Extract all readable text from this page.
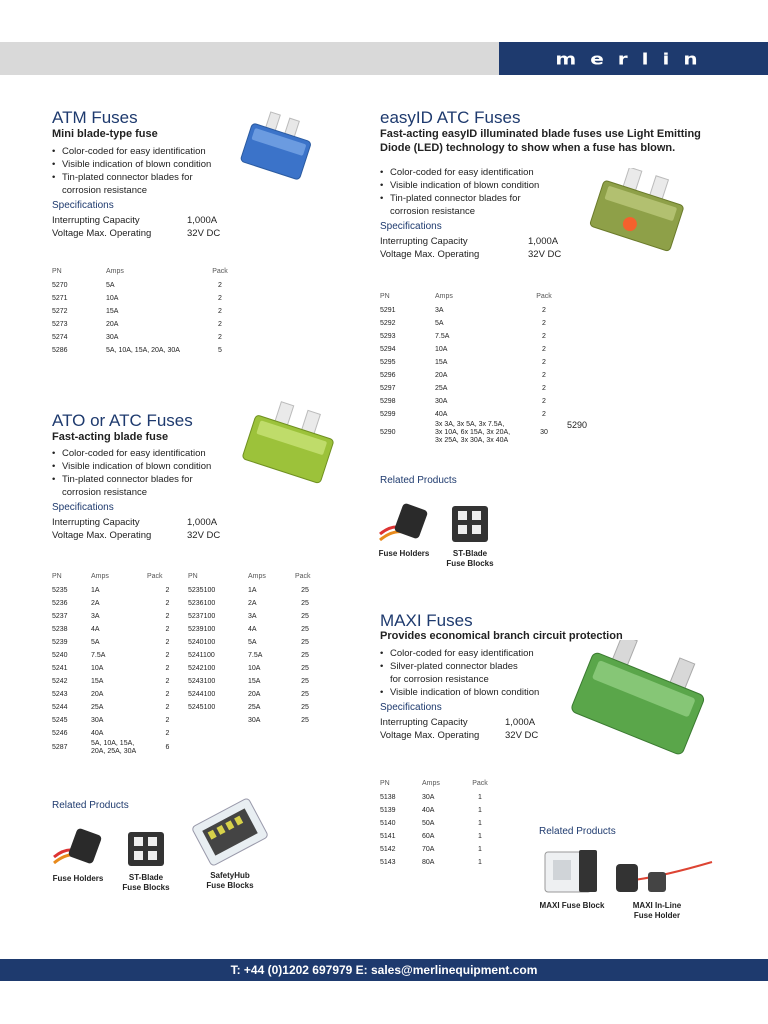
merlin
ATM Fuses
Mini blade-type fuse
• Color-coded for easy identification
• Visible indication of blown condition
• Tin-plated connector blades for
corrosion resistance
Specifications
Interrupting Capacity	1,000A
Voltage Max. Operating	32V DC
PN	Amps	Pack
5270	5A	2
5271	10A	2
5272	15A	2
5273	20A	2
5274	30A	2
5286	5A, 10A, 15A, 20A, 30A	5
ATO or ATC Fuses
Fast-acting blade fuse
• Color-coded for easy identification
• Visible indication of blown condition
• Tin-plated connector blades for
corrosion resistance
Specifications
Interrupting Capacity	1,000A
Voltage Max. Operating	32V DC
PN	Amps	Pack	PN	Amps	Pack
5235	1A	2	5235100	1A	25
5236	2A	2	5236100	2A	25
5237	3A	2	5237100	3A	25
5238	4A	2	5239100	4A	25
5239	5A	2	5240100	5A	25
5240	7.5A	2	5241100	7.5A	25
5241	10A	2	5242100	10A	25
5242	15A	2	5243100	15A	25
5243	20A	2	5244100	20A	25
5244	25A	2	5245100	25A	25
5245	30A	2		30A	25
5246	40A	2			
5287	5A, 10A, 15A,
20A, 25A, 30A	6			
Related Products
Fuse Holders	ST-Blade
Fuse Blocks
SafetyHub
Fuse Blocks
easyID ATC Fuses
Fast-acting easyID illuminated blade fuses use Light Emitting
Diode (LED) technology to show when a fuse has blown.
• Color-coded for easy identification
• Visible indication of blown condition
• Tin-plated connector blades for
corrosion resistance
Specifications
Interrupting Capacity	1,000A
Voltage Max. Operating	32V DC
PN	Amps	Pack	
5291	3A	2	
5292	5A	2	
5293	7.5A	2	
5294	10A	2	
5295	15A	2	
5296	20A	2	
5297	25A	2	
5298	30A	2	
5299	40A	2	
5290	3x 3A, 3x 5A, 3x 7.5A,
3x 10A, 6x 15A, 3x 20A,
3x 25A, 3x 30A, 3x 40A	30	5290
Related Products
Fuse Holders	ST-Blade
Fuse Blocks
MAXI Fuses
Provides economical branch circuit protection
• Color-coded for easy identification
• Silver-plated connector blades
for corrosion resistance
• Visible indication of blown condition
Specifications
Interrupting Capacity	1,000A
Voltage Max. Operating	32V DC
PN	Amps	Pack
5138	30A	1
5139	40A	1
5140	50A	1
5141	60A	1
5142	70A	1
5143	80A	1
Related Products
MAXI Fuse Block	MAXI In-Line
Fuse Holder
T: +44 (0)1202 697979 E: sales@merlinequipment.com
